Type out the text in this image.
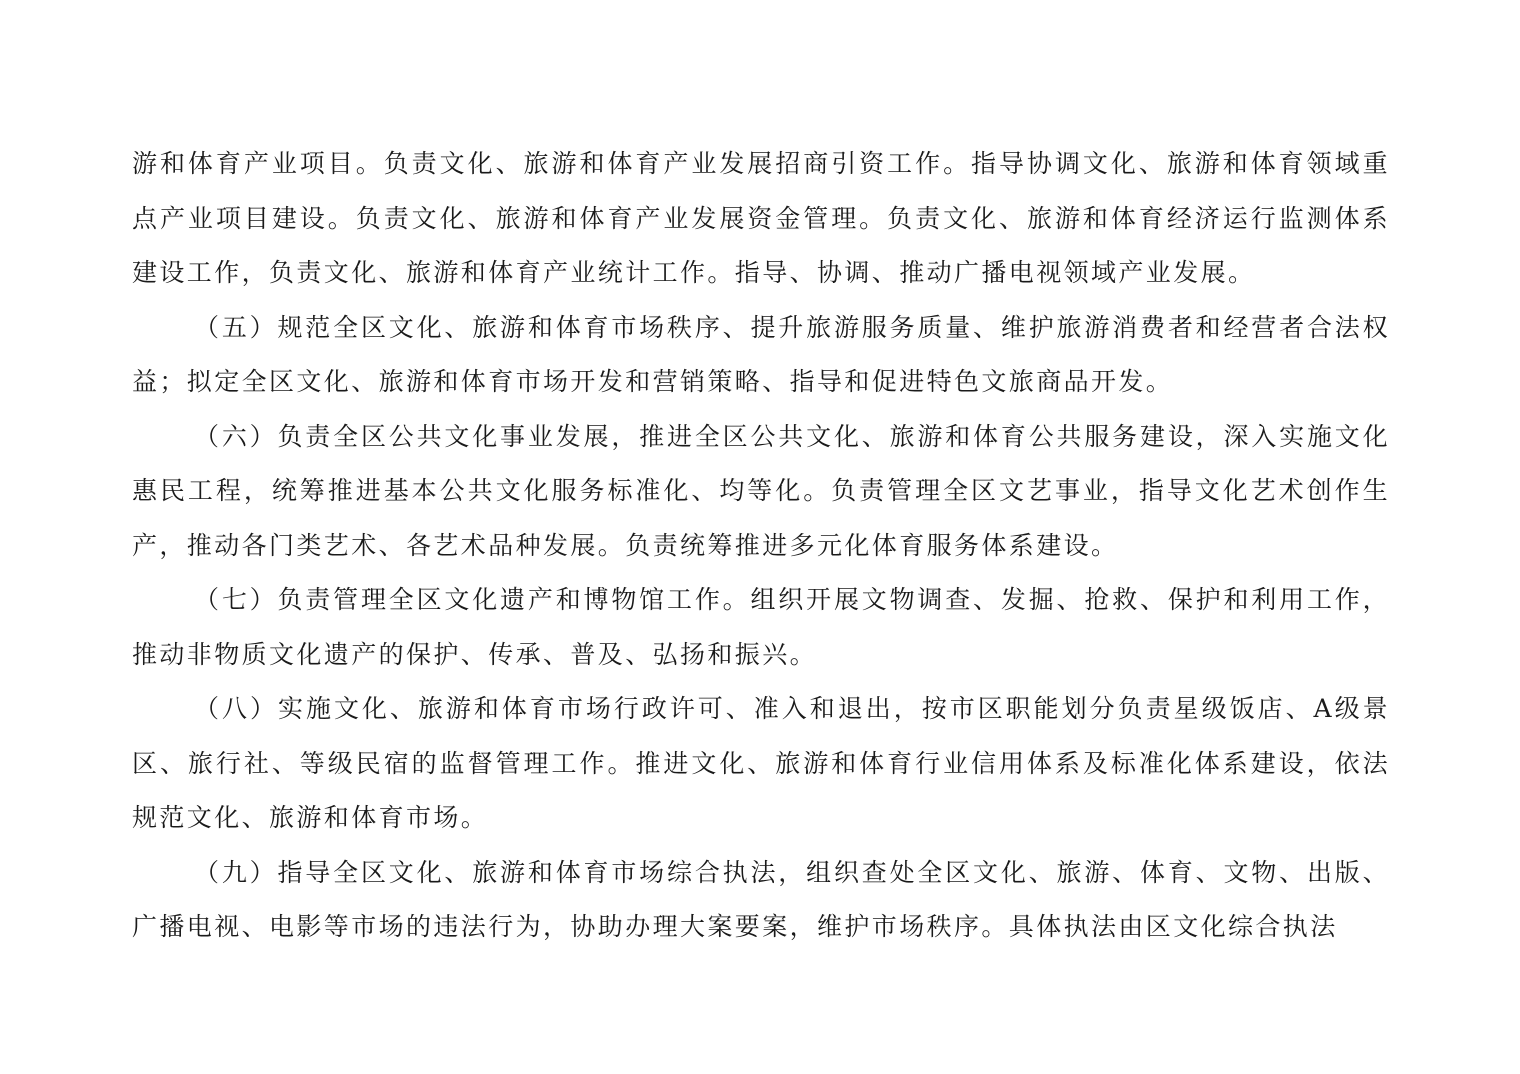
游和体育产业项目。负责文化、旅游和体育产业发展招商引资工作。指导协调文化、旅游和体育领域重点产业项目建设。负责文化、旅游和体育产业发展资金管理。负责文化、旅游和体育经济运行监测体系建设工作，负责文化、旅游和体育产业统计工作。指导、协调、推动广播电视领域产业发展。

（五）规范全区文化、旅游和体育市场秩序、提升旅游服务质量、维护旅游消费者和经营者合法权益；拟定全区文化、旅游和体育市场开发和营销策略、指导和促进特色文旅商品开发。

（六）负责全区公共文化事业发展，推进全区公共文化、旅游和体育公共服务建设，深入实施文化惠民工程，统筹推进基本公共文化服务标准化、均等化。负责管理全区文艺事业，指导文化艺术创作生产，推动各门类艺术、各艺术品种发展。负责统筹推进多元化体育服务体系建设。

（七）负责管理全区文化遗产和博物馆工作。组织开展文物调查、发掘、抢救、保护和利用工作，推动非物质文化遗产的保护、传承、普及、弘扬和振兴。

（八）实施文化、旅游和体育市场行政许可、准入和退出，按市区职能划分负责星级饭店、A级景区、旅行社、等级民宿的监督管理工作。推进文化、旅游和体育行业信用体系及标准化体系建设，依法规范文化、旅游和体育市场。

（九）指导全区文化、旅游和体育市场综合执法，组织查处全区文化、旅游、体育、文物、出版、广播电视、电影等市场的违法行为，协助办理大案要案，维护市场秩序。具体执法由区文化综合执法
